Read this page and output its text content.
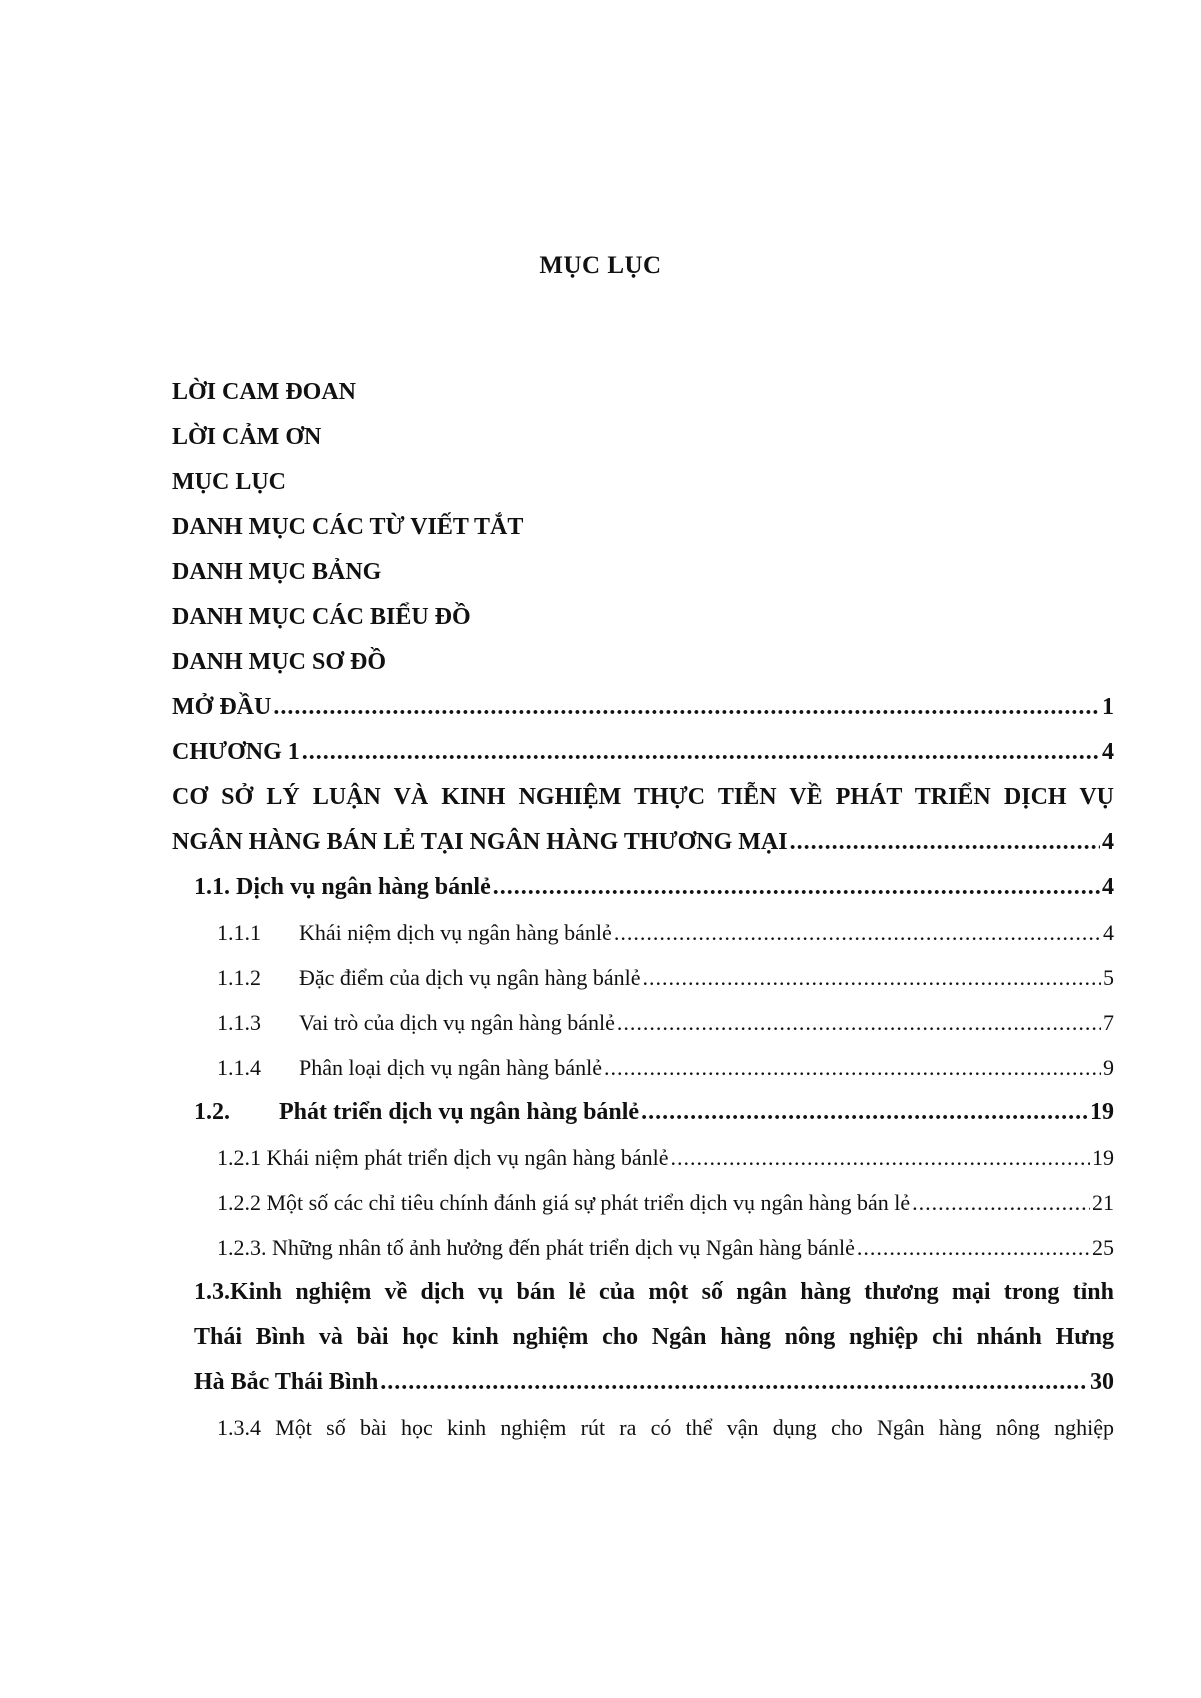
MỤC LỤC
LỜI CAM ĐOAN
LỜI CẢM ƠN
MỤC LỤC
DANH MỤC CÁC TỪ VIẾT TẮT
DANH MỤC BẢNG
DANH MỤC CÁC BIỂU ĐỒ
DANH MỤC SƠ ĐỒ
MỞ ĐẦU .....	1
CHƯƠNG 1 .....	4
CƠ SỞ LÝ LUẬN VÀ KINH NGHIỆM THỰC TIỄN VỀ PHÁT TRIỂN DỊCH VỤ
NGÂN HÀNG BÁN LẺ TẠI NGÂN HÀNG THƯƠNG MẠI .....	4
1.1. Dịch vụ ngân hàng bánlẻ .....	4
1.1.1 Khái niệm dịch vụ ngân hàng bánlẻ .....	4
1.1.2 Đặc điểm của dịch vụ ngân hàng bánlẻ .....	5
1.1.3 Vai trò của dịch vụ ngân hàng bánlẻ .....	7
1.1.4 Phân loại dịch vụ ngân hàng bánlẻ .....	9
1.2. Phát triển dịch vụ ngân hàng bánlẻ .....	19
1.2.1 Khái niệm phát triển dịch vụ ngân hàng bánlẻ .....	19
1.2.2 Một số các chỉ tiêu chính đánh giá sự phát triển dịch vụ ngân hàng bán lẻ .....	21
1.2.3. Những nhân tố ảnh hưởng đến phát triển dịch vụ Ngân hàng bánlẻ .....	25
1.3.Kinh nghiệm về dịch vụ bán lẻ của một số ngân hàng thương mại trong tỉnh
Thái Bình và bài học kinh nghiệm cho Ngân hàng nông nghiệp chi nhánh Hưng
Hà Bắc Thái Bình .....	30
1.3.4 Một số bài học kinh nghiệm rút ra có thể vận dụng cho Ngân hàng nông nghiệp
